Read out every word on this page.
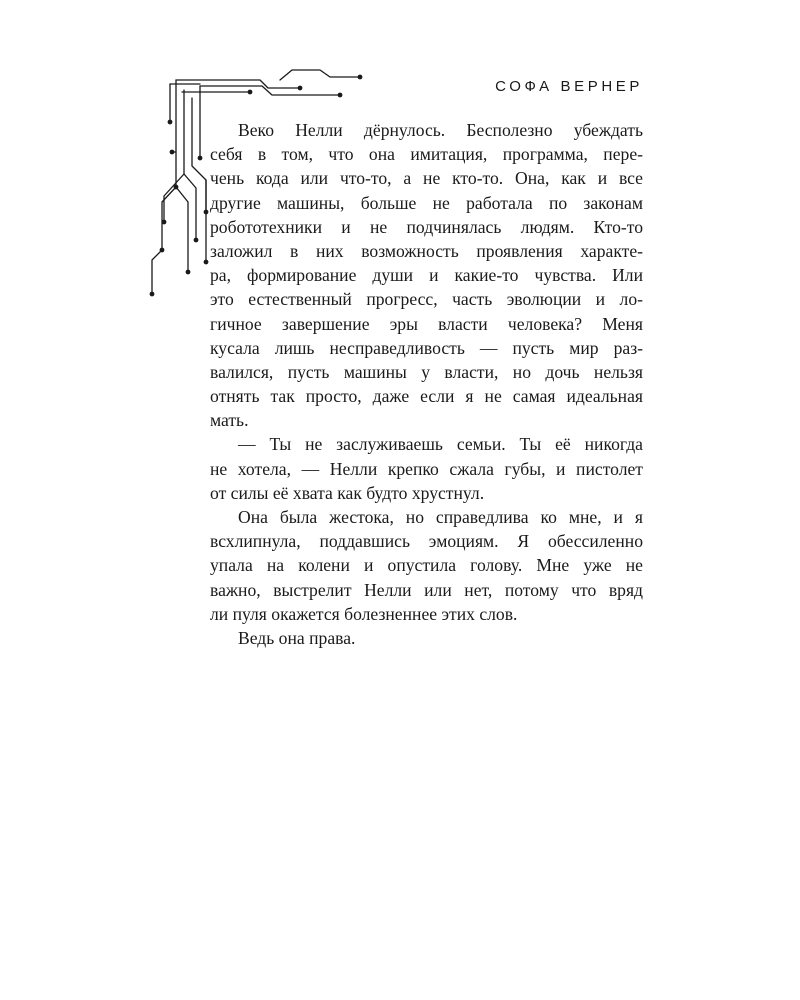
СОФА ВЕРНЕР
Веко Нелли дёрнулось. Бесполезно убеждать
себя в том, что она имитация, программа, пере-
чень кода или что-то, а не кто-то. Она, как и все
другие машины, больше не работала по законам
робототехники и не подчинялась людям. Кто-то
заложил в них возможность проявления характе-
ра, формирование души и какие-то чувства. Или
это естественный прогресс, часть эволюции и ло-
гичное завершение эры власти человека? Меня
кусала лишь несправедливость — пусть мир раз-
валился, пусть машины у власти, но дочь нельзя
отнять так просто, даже если я не самая идеальная
мать.
— Ты не заслуживаешь семьи. Ты её никогда
не хотела, — Нелли крепко сжала губы, и пистолет
от силы её хвата как будто хрустнул.
Она была жестока, но справедлива ко мне, и я
всхлипнула, поддавшись эмоциям. Я обессиленно
упала на колени и опустила голову. Мне уже не
важно, выстрелит Нелли или нет, потому что вряд
ли пуля окажется болезненнее этих слов.
Ведь она права.
